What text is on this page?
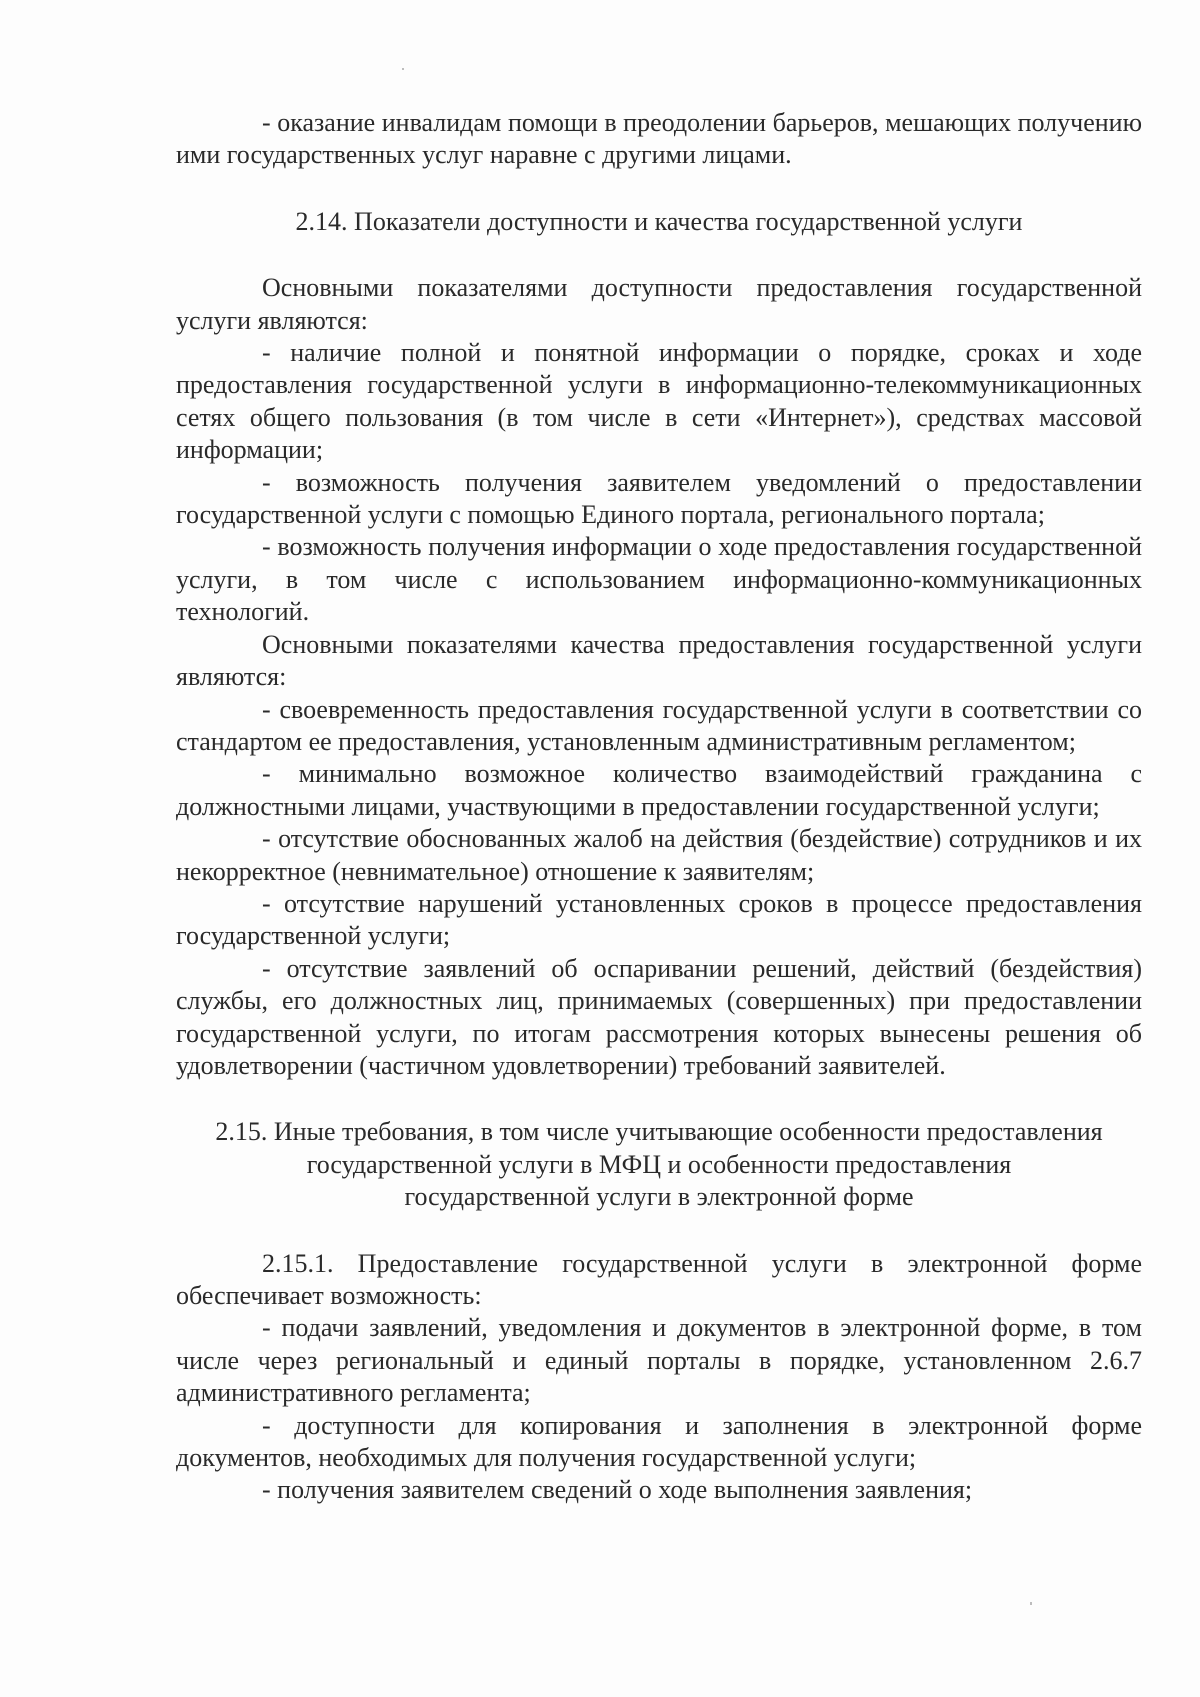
- оказание инвалидам помощи в преодолении барьеров, мешающих получению ими государственных услуг наравне с другими лицами.

2.14. Показатели доступности и качества государственной услуги

Основными показателями доступности предоставления государственной услуги являются:

- наличие полной и понятной информации о порядке, сроках и ходе предоставления государственной услуги в информационно-телекоммуникационных сетях общего пользования (в том числе в сети «Интернет»), средствах массовой информации;

- возможность получения заявителем уведомлений о предоставлении государственной услуги с помощью Единого портала, регионального портала;

- возможность получения информации о ходе предоставления государственной услуги, в том числе с использованием информационно-коммуникационных технологий.

Основными показателями качества предоставления государственной услуги являются:

- своевременность предоставления государственной услуги в соответствии со стандартом ее предоставления, установленным административным регламентом;

- минимально возможное количество взаимодействий гражданина с должностными лицами, участвующими в предоставлении государственной услуги;

- отсутствие обоснованных жалоб на действия (бездействие) сотрудников и их некорректное (невнимательное) отношение к заявителям;

- отсутствие нарушений установленных сроков в процессе предоставления государственной услуги;

- отсутствие заявлений об оспаривании решений, действий (бездействия) службы, его должностных лиц, принимаемых (совершенных) при предоставлении государственной услуги, по итогам рассмотрения которых вынесены решения об удовлетворении (частичном удовлетворении) требований заявителей.

2.15. Иные требования, в том числе учитывающие особенности предоставления

государственной услуги в МФЦ и особенности предоставления

государственной услуги в электронной форме

2.15.1. Предоставление государственной услуги в электронной форме обеспечивает возможность:

- подачи заявлений, уведомления и документов в электронной форме, в том числе через региональный и единый порталы в порядке, установленном 2.6.7 административного регламента;

- доступности для копирования и заполнения в электронной форме документов, необходимых для получения государственной услуги;

- получения заявителем сведений о ходе выполнения заявления;
